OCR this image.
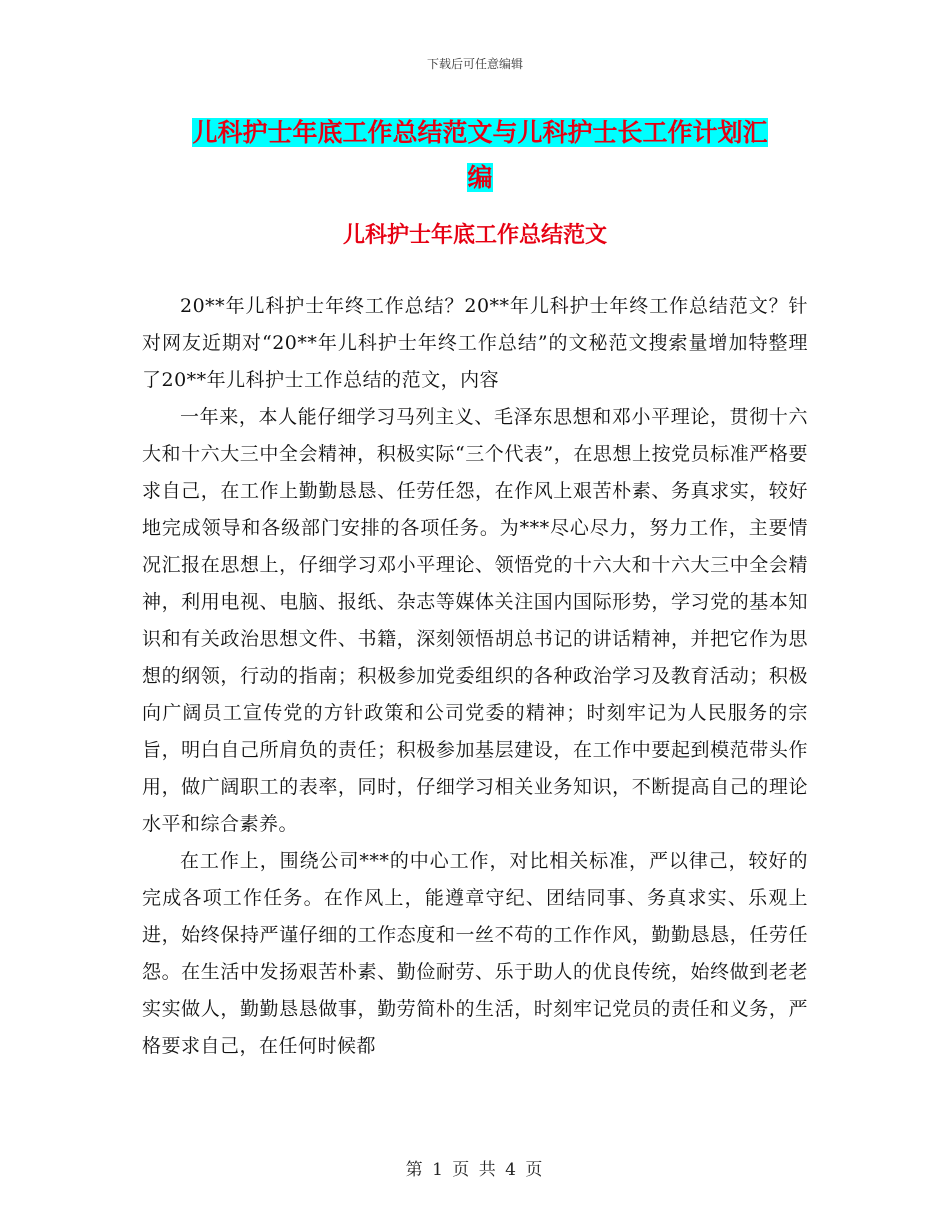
下载后可任意编辑
儿科护士年底工作总结范文与儿科护士长工作计划汇
编
儿科护士年底工作总结范文

20**年儿科护士年终工作总结？20**年儿科护士年终工作总结范文？针对网友近期对“20**年儿科护士年终工作总结”的文秘范文搜索量增加特整理了20**年儿科护士工作总结的范文，内容

一年来，本人能仔细学习马列主义、毛泽东思想和邓小平理论，贯彻十六大和十六大三中全会精神，积极实际“三个代表”，在思想上按党员标准严格要求自己，在工作上勤勤恳恳、任劳任怨，在作风上艰苦朴素、务真求实，较好地完成领导和各级部门安排的各项任务。为***尽心尽力，努力工作，主要情况汇报在思想上，仔细学习邓小平理论、领悟党的十六大和十六大三中全会精神，利用电视、电脑、报纸、杂志等媒体关注国内国际形势，学习党的基本知识和有关政治思想文件、书籍，深刻领悟胡总书记的讲话精神，并把它作为思想的纲领，行动的指南；积极参加党委组织的各种政治学习及教育活动；积极向广阔员工宣传党的方针政策和公司党委的精神；时刻牢记为人民服务的宗旨，明白自己所肩负的责任；积极参加基层建设，在工作中要起到模范带头作用，做广阔职工的表率，同时，仔细学习相关业务知识，不断提高自己的理论水平和综合素养。

在工作上，围绕公司***的中心工作，对比相关标准，严以律己，较好的完成各项工作任务。在作风上，能遵章守纪、团结同事、务真求实、乐观上进，始终保持严谨仔细的工作态度和一丝不苟的工作作风，勤勤恳恳，任劳任怨。在生活中发扬艰苦朴素、勤俭耐劳、乐于助人的优良传统，始终做到老老实实做人，勤勤恳恳做事，勤劳简朴的生活，时刻牢记党员的责任和义务，严格要求自己，在任何时候都

第 1 页 共 4 页
